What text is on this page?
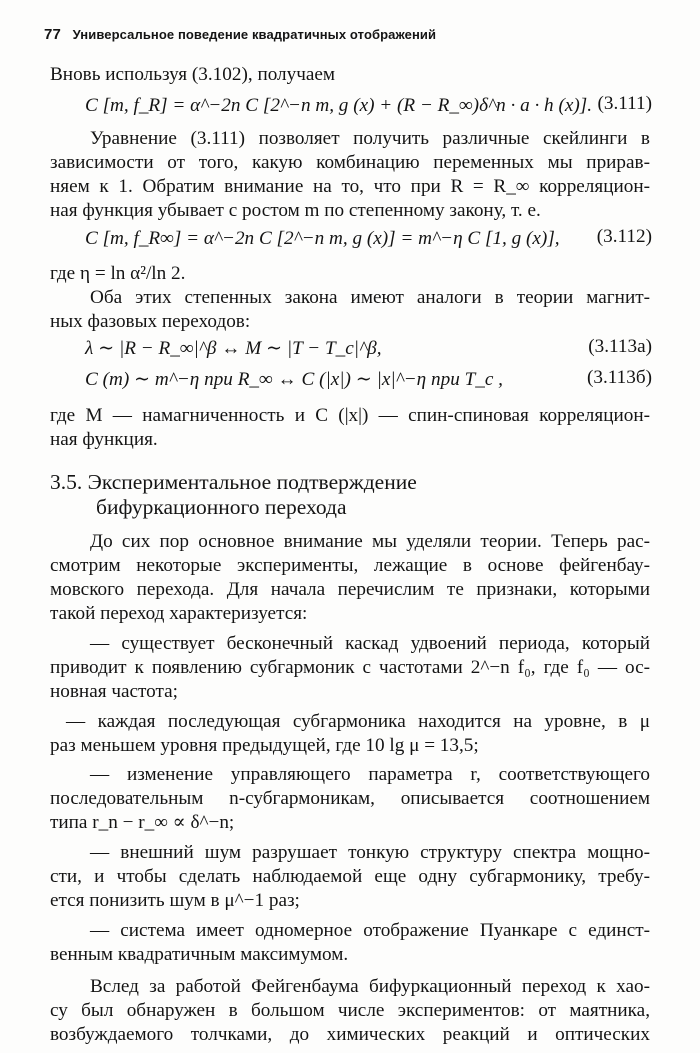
77 Универсальное поведение квадратичных отображений
Вновь используя (3.102), получаем
C [m, f_R] = α^−2n C [2^−n m, g (x) + (R − R_∞)δ^n · a · h (x)]. (3.111)
Уравнение (3.111) позволяет получить различные скейлинги в
зависимости от того, какую комбинацию переменных мы прирав-
няем к 1. Обратим внимание на то, что при R = R_∞ корреляцион-
ная функция убывает с ростом m по степенному закону, т. е.
C [m, f_R∞] = α^−2n C [2^−n m, g (x)] = m^−η C [1, g (x)],	(3.112)
где η = ln α²/ln 2.
Оба этих степенных закона имеют аналоги в теории магнит-
ных фазовых переходов:
λ ∼ |R − R_∞|^β ↔ M ∼ |T − T_c|^β,	(3.113а)
C (m) ∼ m^−η при R_∞ ↔ C (|x|) ∼ |x|^−η при T_c ,	(3.113б)
где M — намагниченность и C (|x|) — спин-спиновая корреляцион-
ная функция.
3.5. Экспериментальное подтверждение
бифуркационного перехода
До сих пор основное внимание мы уделяли теории. Теперь рас-
смотрим некоторые эксперименты, лежащие в основе фейгенбау-
мовского перехода. Для начала перечислим те признаки, которыми
такой переход характеризуется:
— существует бесконечный каскад удвоений периода, который
приводит к появлению субгармоник с частотами 2^−n f₀, где f₀ — ос-
новная частота;
— каждая последующая субгармоника находится на уровне, в μ
раз меньшем уровня предыдущей, где 10 lg μ = 13,5;
— изменение управляющего параметра r, соответствующего
последовательным n-субгармоникам, описывается соотношением
типа r_n − r_∞ ∝ δ^−n;
— внешний шум разрушает тонкую структуру спектра мощно-
сти, и чтобы сделать наблюдаемой еще одну субгармонику, требу-
ется понизить шум в μ^−1 раз;
— система имеет одномерное отображение Пуанкаре с единст-
венным квадратичным максимумом.
Вслед за работой Фейгенбаума бифуркационный переход к хао-
су был обнаружен в большом числе экспериментов: от маятника,
возбуждаемого толчками, до химических реакций и оптических
